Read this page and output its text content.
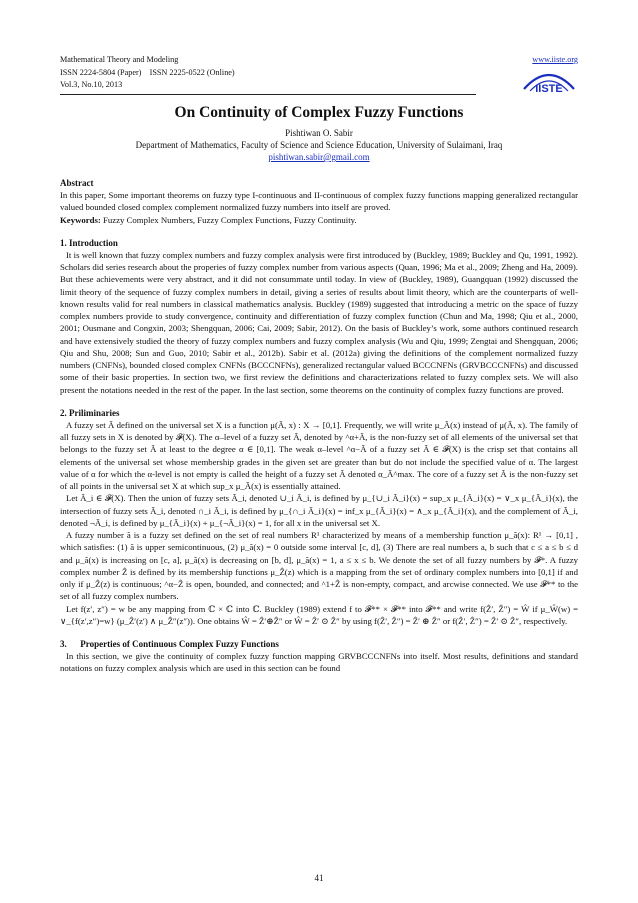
Mathematical Theory and Modeling	www.iiste.org
ISSN 2224-5804 (Paper)    ISSN 2225-0522 (Online)
Vol.3, No.10, 2013	IISTE
On Continuity of Complex Fuzzy Functions
Pishtiwan O. Sabir
Department of Mathematics, Faculty of Science and Science Education, University of Sulaimani, Iraq
pishtiwan.sabir@gmail.com
Abstract

In this paper, Some important theorems on fuzzy type I-continuous and II-continuous of complex fuzzy functions mapping generalized rectangular valued bounded closed complex complement normalized fuzzy numbers into itself are proved.

Keywords: Fuzzy Complex Numbers, Fuzzy Complex Functions, Fuzzy Continuity.

1. Introduction

It is well known that fuzzy complex numbers and fuzzy complex analysis were first introduced by (Buckley, 1989; Buckley and Qu, 1991, 1992). Scholars did series research about the properies of fuzzy complex number from various aspects (Quan, 1996; Ma et al., 2009; Zheng and Ha, 2009). But these achievements were very abstract, and it did not consummate until today. In view of (Buckley, 1989), Guangquan (1992) discussed the limit theory of the sequence of fuzzy complex numbers in detail, giving a series of results about limit theory, which are the counterparts of well-known results valid for real numbers in classical mathematics analysis. Buckley (1989) suggested that introducing a metric on the space of fuzzy complex numbers provide to study convergence, continuity and differentiation of fuzzy complex function (Chun and Ma, 1998; Qiu et al., 2000, 2001; Ousmane and Congxin, 2003; Shengquan, 2006; Cai, 2009; Sabir, 2012). On the basis of Buckley’s work, some authors continued research and have extensively studied the theory of fuzzy complex numbers and fuzzy complex analysis (Wu and Qiu, 1999; Zengtai and Shengquan, 2006; Qiu and Shu, 2008; Sun and Guo, 2010; Sabir et al., 2012b). Sabir et al. (2012a) giving the definitions of the complement normalized fuzzy numbers (CNFNs), bounded closed complex CNFNs (BCCCNFNs), generalized rectangular valued BCCCNFNs (GRVBCCCNFNs) and discussed some of their basic properties. In section two, we first review the definitions and characterizations related to fuzzy complex sets. We will also present the notations needed in the rest of the paper. In the last section, some theorems on the continuity of complex fuzzy functions are proved.

2. Priliminaries

A fuzzy set Ã defined on the universal set X is a function μ(Ã, x) : X → [0,1]. Frequently, we will write μ_Ã(x) instead of μ(Ã, x). The family of all fuzzy sets in X is denoted by 𝓕(X). The α–level of a fuzzy set Ã, denoted by ^α+Ã, is the non-fuzzy set of all elements of the universal set that belongs to the fuzzy set Ã at least to the degree α ∈ [0,1]. The weak α–level ^α−Ã of a fuzzy set Ã ∈ 𝓕(X) is the crisp set that contains all elements of the universal set whose membership grades in the given set are greater than but do not include the specified value of α. The largest value of α for which the α-level is not empty is called the height of a fuzzy set Ã denoted α_Ã^max. The core of a fuzzy set Ã is the non-fuzzy set of all points in the universal set X at which sup_x μ_Ã(x) is essentially attained.

Let Ã_i ∈ 𝓕(X). Then the union of fuzzy sets Ã_i, denoted ∪_i Ã_i, is defined by μ_{∪_i Ã_i}(x) = sup_x μ_{Ã_i}(x) = ∨_x μ_{Ã_i}(x), the intersection of fuzzy sets Ã_i, denoted ∩_i Ã_i, is defined by μ_{∩_i Ã_i}(x) = inf_x μ_{Ã_i}(x) = ∧_x μ_{Ã_i}(x), and the complement of Ã_i, denoted ¬Ã_i, is defined by μ_{Ã_i}(x) + μ_{¬Ã_i}(x) = 1, for all x in the universal set X.

A fuzzy number ã is a fuzzy set defined on the set of real numbers R¹ characterized by means of a membership function μ_ã(x): R¹ → [0,1] , which satisfies: (1) ã is upper semicontinuous, (2) μ_ã(x) = 0 outside some interval [c, d], (3) There are real numbers a, b such that c ≤ a ≤ b ≤ d and μ_ã(x) is increasing on [c, a], μ_ã(x) is decreasing on [b, d], μ_ã(x) = 1, a ≤ x ≤ b. We denote the set of all fuzzy numbers by 𝓕*. A fuzzy complex number Ẑ is defined by its membership functions μ_Ẑ(z) which is a mapping from the set of ordinary complex numbers into [0,1] if and only if μ_Ẑ(z) is continuous; ^α−Ẑ is open, bounded, and connected; and ^1+Ẑ is non-empty, compact, and arcwise connected. We use 𝓕** to the set of all fuzzy complex numbers.

Let f(z′, z″) = w be any mapping from ℂ × ℂ into ℂ. Buckley (1989) extend f to 𝓕** × 𝓕** into 𝓕** and write f(Ẑ′, Ẑ″) = Ŵ if μ_Ŵ(w) = ∨_{f(z′,z″)=w} (μ_Ẑ′(z′) ∧ μ_Ẑ″(z″)). One obtains Ŵ = Ẑ′⊕Ẑ″ or Ŵ = Ẑ′ ⊙ Ẑ″ by using f(Ẑ′, Ẑ″) = Ẑ′ ⊕ Ẑ″ or f(Ẑ′, Ẑ″) = Ẑ′ ⊙ Ẑ″, respectively.

3.      Properties of Continuous Complex Fuzzy Functions

In this section, we give the continuity of complex fuzzy function mapping GRVBCCCNFNs into itself. Most results, definitions and standard notations on fuzzy complex analysis which are used in this section can be found

41
